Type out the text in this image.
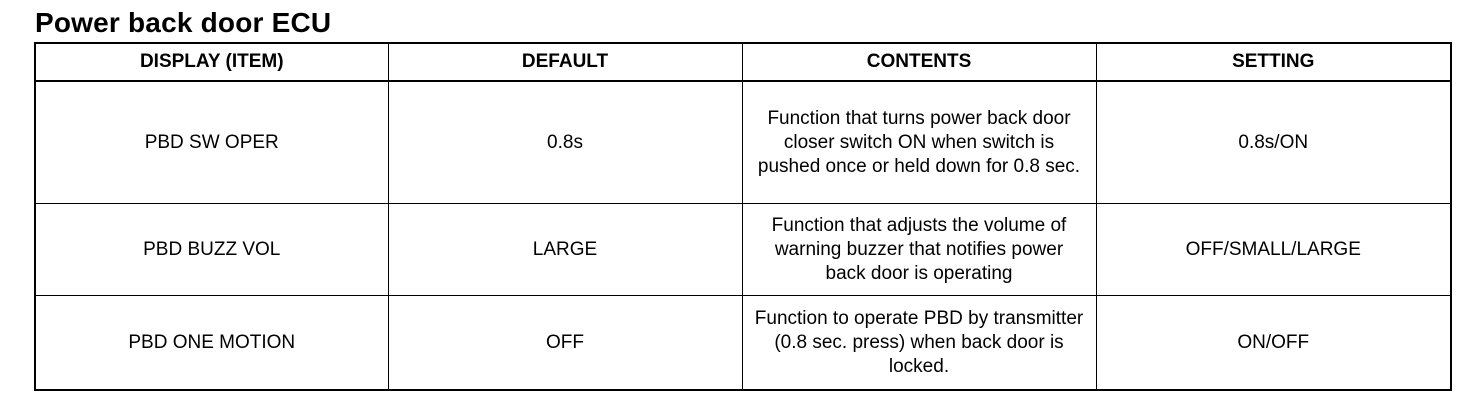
Power back door ECU
DISPLAY (ITEM)	DEFAULT	CONTENTS	SETTING
PBD SW OPER	0.8s	Function that turns power back door closer switch ON when switch is pushed once or held down for 0.8 sec.	0.8s/ON
PBD BUZZ VOL	LARGE	Function that adjusts the volume of warning buzzer that notifies power back door is operating	OFF/SMALL/LARGE
PBD ONE MOTION	OFF	Function to operate PBD by transmitter (0.8 sec. press) when back door is locked.	ON/OFF
